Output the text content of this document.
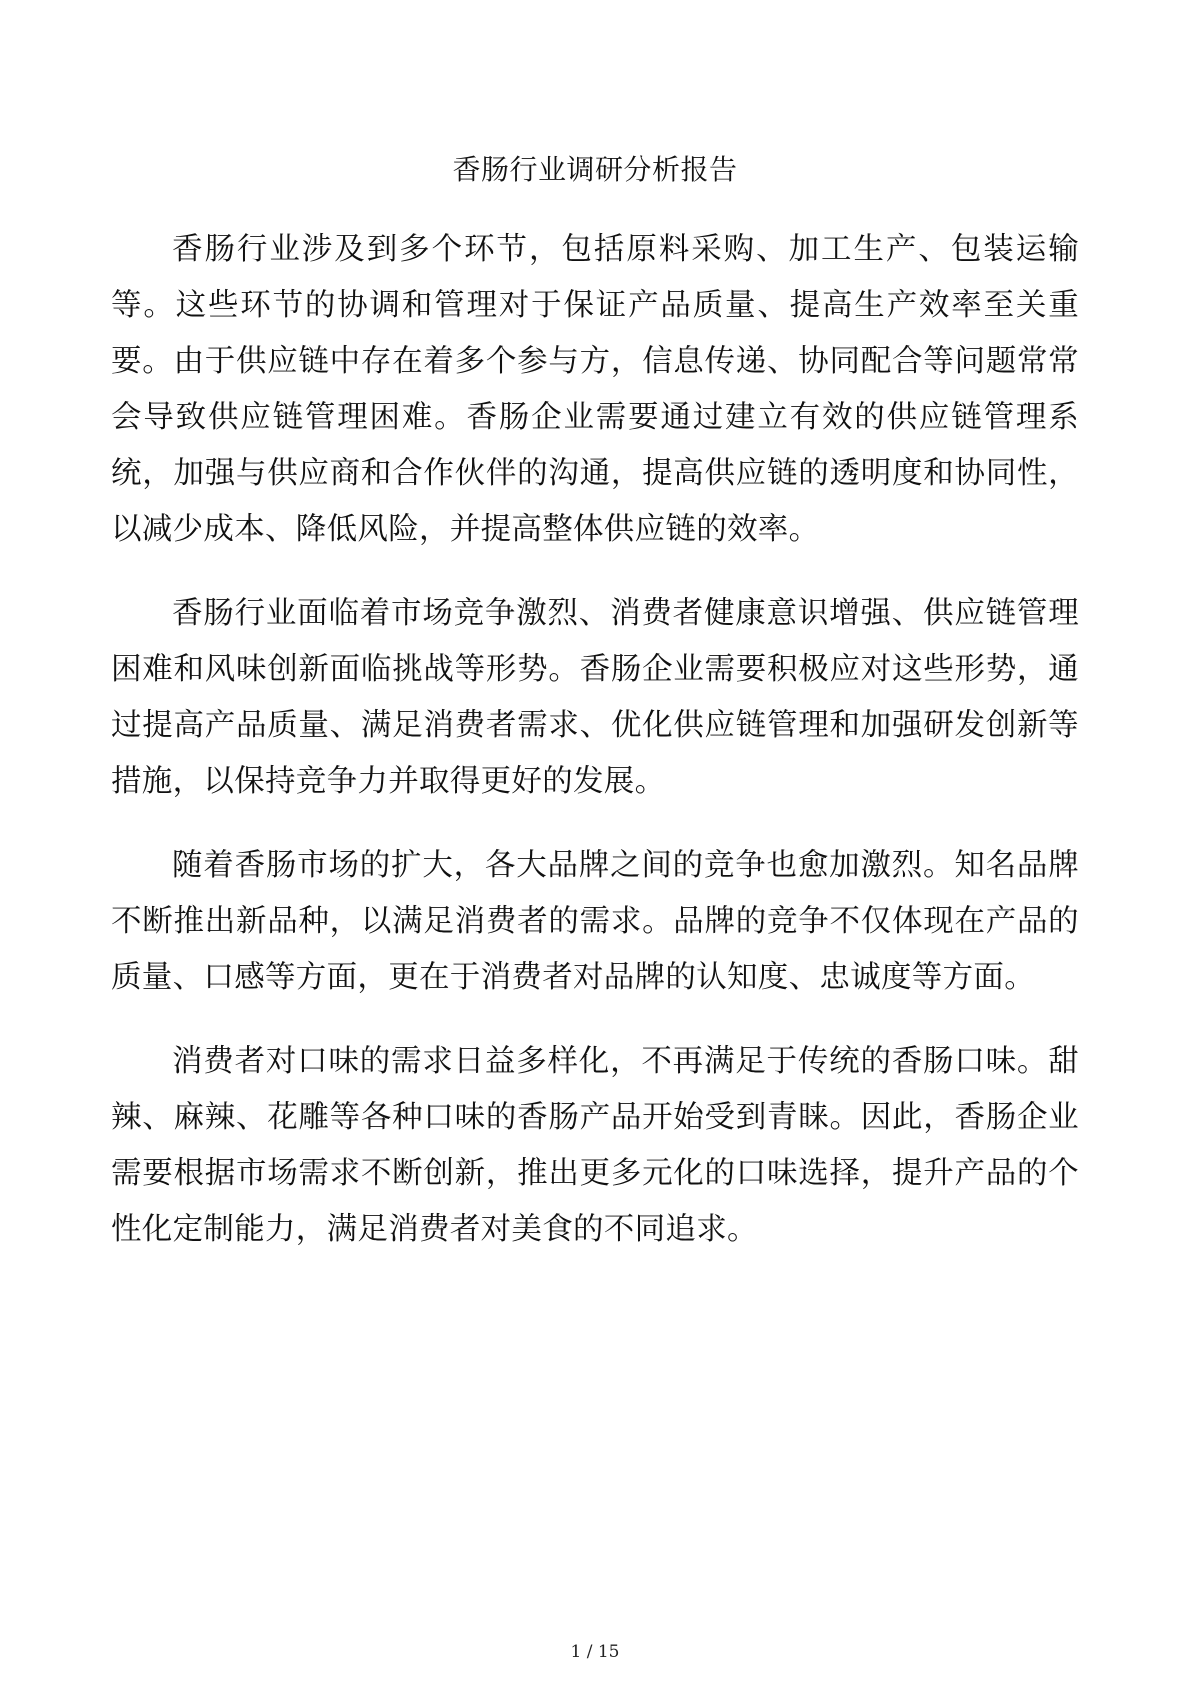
香肠行业调研分析报告

香肠行业涉及到多个环节，包括原料采购、加工生产、包装运输等。这些环节的协调和管理对于保证产品质量、提高生产效率至关重要。由于供应链中存在着多个参与方，信息传递、协同配合等问题常常会导致供应链管理困难。香肠企业需要通过建立有效的供应链管理系统，加强与供应商和合作伙伴的沟通，提高供应链的透明度和协同性，以减少成本、降低风险，并提高整体供应链的效率。

香肠行业面临着市场竞争激烈、消费者健康意识增强、供应链管理困难和风味创新面临挑战等形势。香肠企业需要积极应对这些形势，通过提高产品质量、满足消费者需求、优化供应链管理和加强研发创新等措施，以保持竞争力并取得更好的发展。

随着香肠市场的扩大，各大品牌之间的竞争也愈加激烈。知名品牌不断推出新品种，以满足消费者的需求。品牌的竞争不仅体现在产品的质量、口感等方面，更在于消费者对品牌的认知度、忠诚度等方面。

消费者对口味的需求日益多样化，不再满足于传统的香肠口味。甜辣、麻辣、花雕等各种口味的香肠产品开始受到青睐。因此，香肠企业需要根据市场需求不断创新，推出更多元化的口味选择，提升产品的个性化定制能力，满足消费者对美食的不同追求。

1 / 15
